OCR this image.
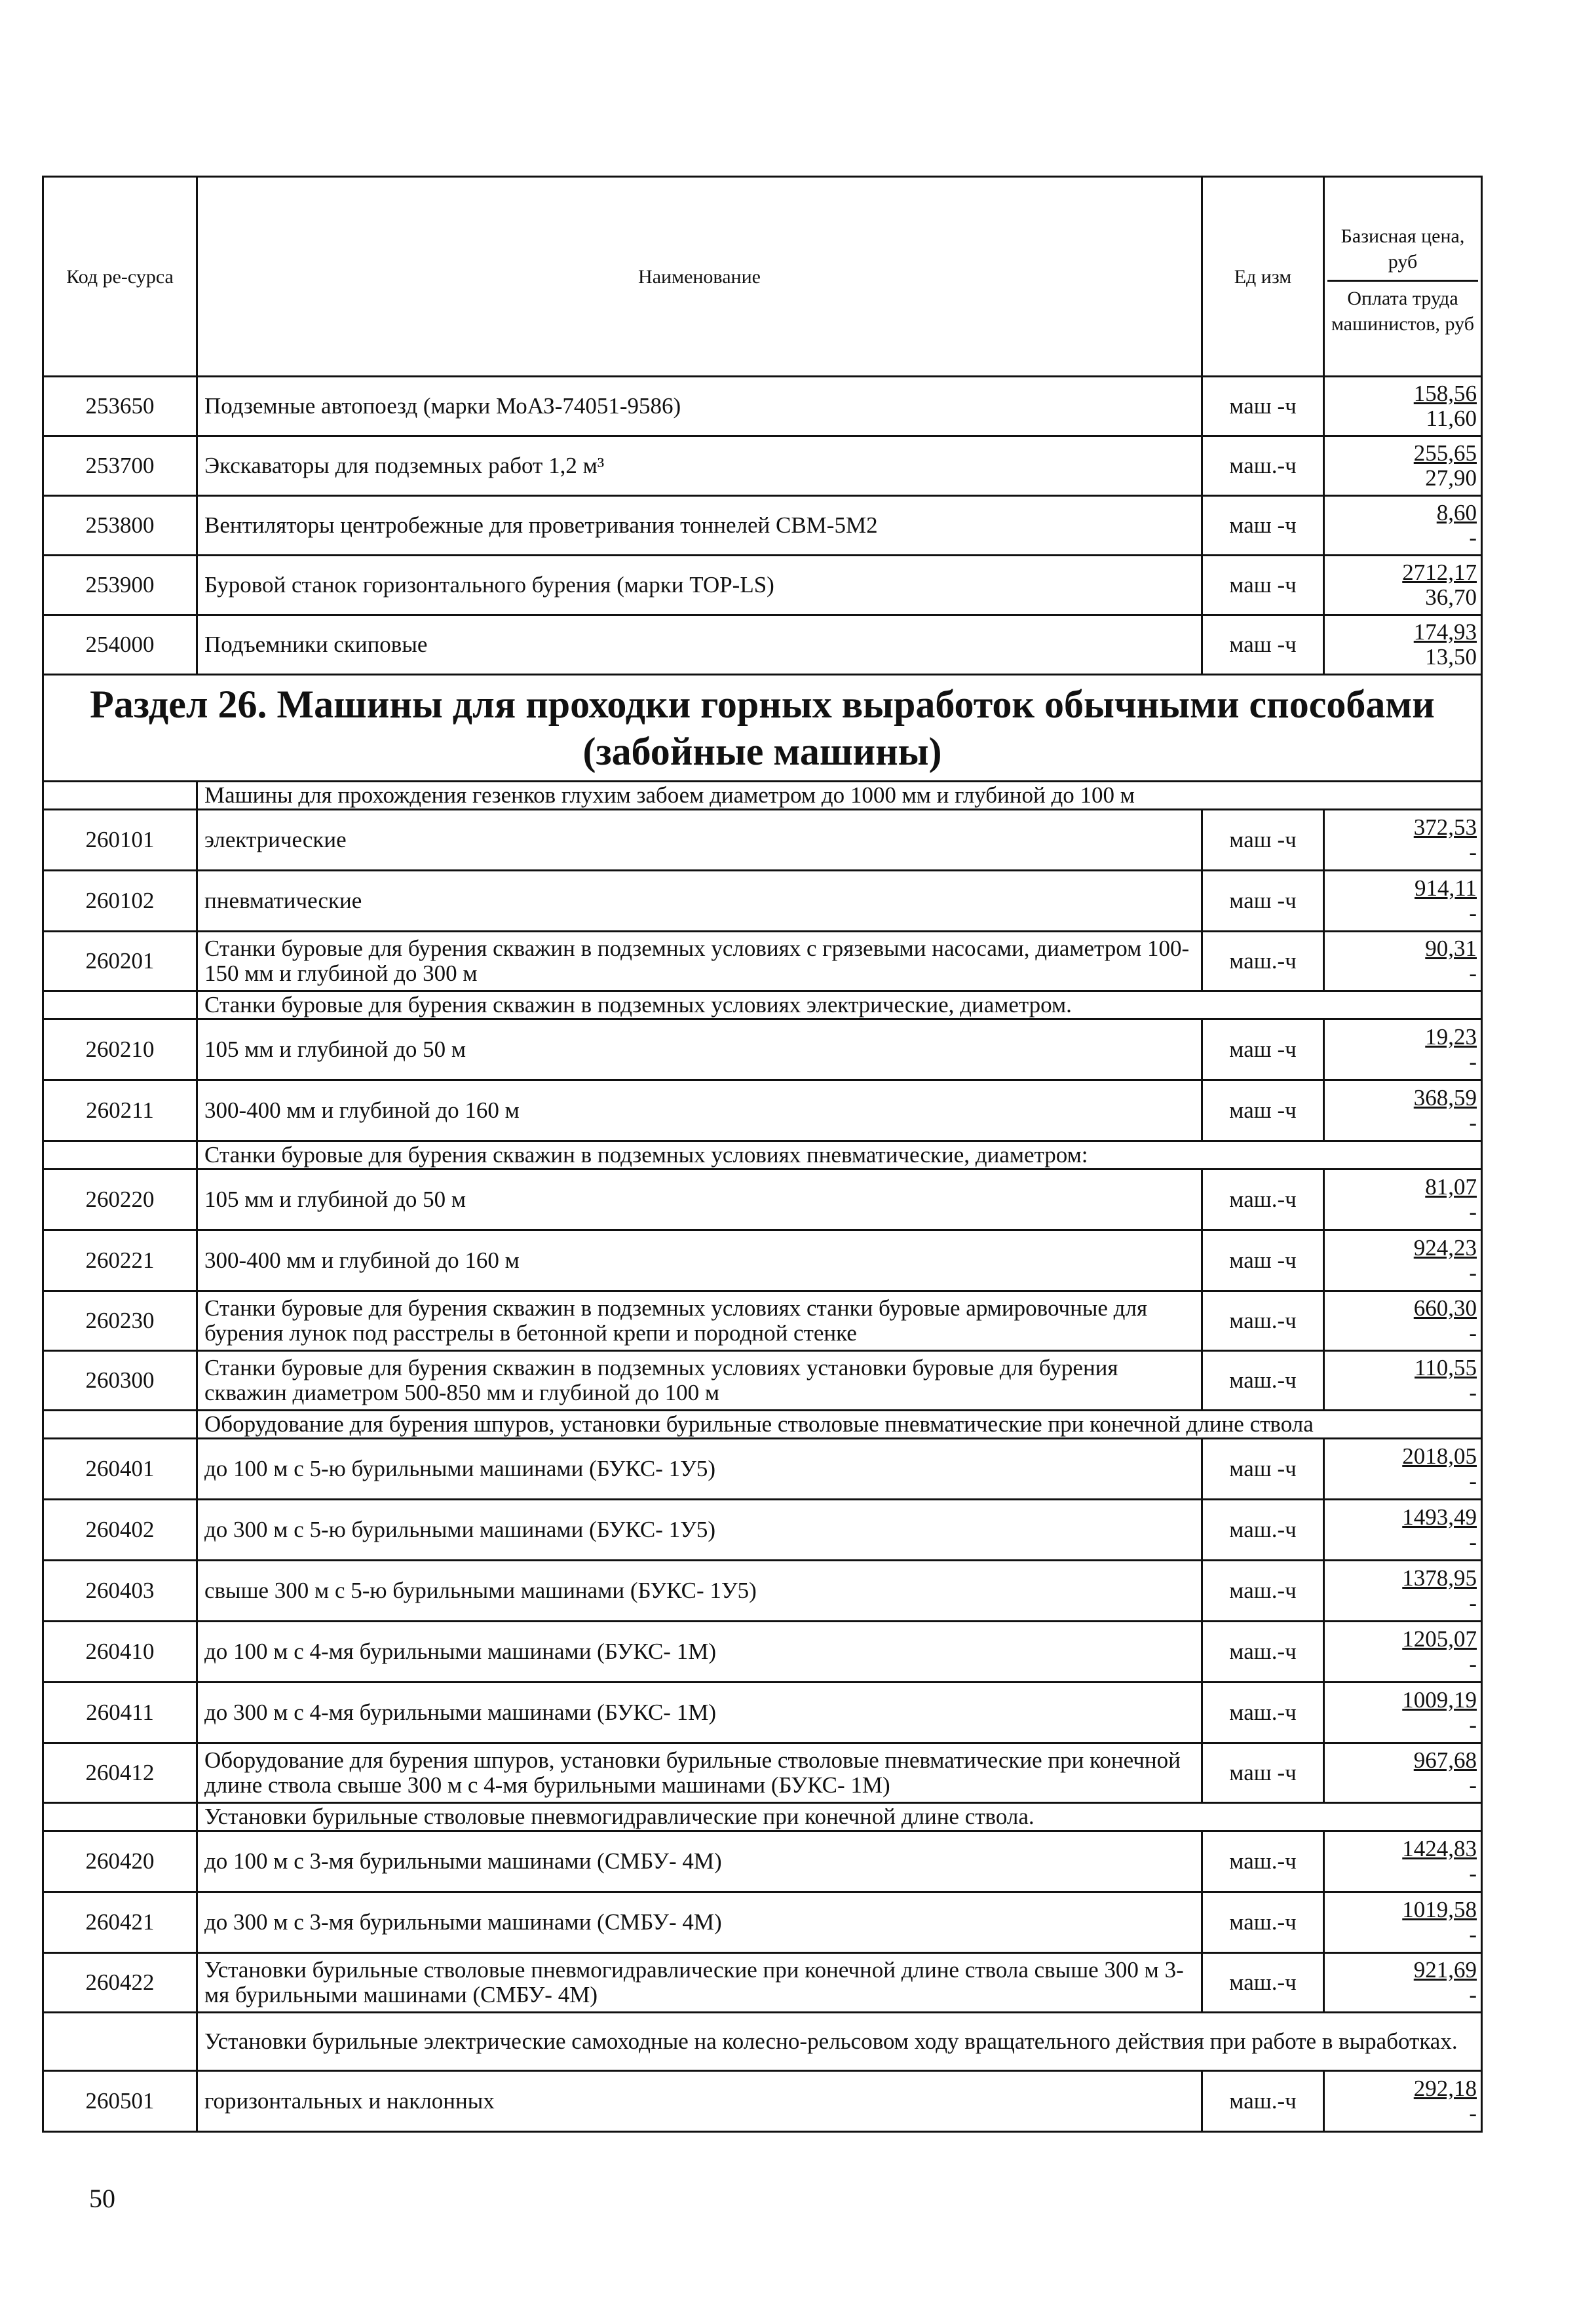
Код ре-сурса	Наименование	Ед изм	Базисная цена, руб
Оплата труда машинистов, руб

253650	Подземные автопоезд (марки МоАЗ-74051-9586)	маш -ч	158,56
11,60

253700	Экскаваторы для подземных работ 1,2 м³	маш.-ч	255,65
27,90

253800	Вентиляторы центробежные для проветривания тоннелей СВМ-5М2	маш -ч	8,60
-

253900	Буровой станок горизонтального бурения (марки TOP-LS)	маш -ч	2712,17
36,70

254000	Подъемники скиповые	маш -ч	174,93
13,50

Раздел 26. Машины для проходки горных выработок обычными способами (забойные машины)			
	Машины для прохождения гезенков глухим забоем диаметром до 1000 мм и глубиной до 100 м		
260101	электрические	маш -ч	372,53
-

260102	пневматические	маш -ч	914,11
-

260201	Станки буровые для бурения скважин в подземных условиях с грязевыми насосами, диаметром 100-150 мм и глубиной до 300 м	маш.-ч	90,31
-

	Станки буровые для бурения скважин в подземных условиях электрические, диаметром.		
260210	105 мм и глубиной до 50 м	маш -ч	19,23
-

260211	300-400 мм и глубиной до 160 м	маш -ч	368,59
-

	Станки буровые для бурения скважин в подземных условиях пневматические, диаметром:		
260220	105 мм и глубиной до 50 м	маш.-ч	81,07
-

260221	300-400 мм и глубиной до 160 м	маш -ч	924,23
-

260230	Станки буровые для бурения скважин в подземных условиях станки буровые армировочные для бурения лунок под расстрелы в бетонной крепи и породной стенке	маш.-ч	660,30
-

260300	Станки буровые для бурения скважин в подземных условиях установки буровые для бурения скважин диаметром 500-850 мм и глубиной до 100 м	маш.-ч	110,55
-

	Оборудование для бурения шпуров, установки бурильные стволовые пневматические при конечной длине ствола		
260401	до 100 м с 5-ю бурильными машинами (БУКС- 1У5)	маш -ч	2018,05
-

260402	до 300 м с 5-ю бурильными машинами (БУКС- 1У5)	маш.-ч	1493,49
-

260403	свыше 300 м с 5-ю бурильными машинами (БУКС- 1У5)	маш.-ч	1378,95
-

260410	до 100 м с 4-мя бурильными машинами (БУКС- 1М)	маш.-ч	1205,07
-

260411	до 300 м с 4-мя бурильными машинами (БУКС- 1М)	маш.-ч	1009,19
-

260412	Оборудование для бурения шпуров, установки бурильные стволовые пневматические при конечной длине ствола свыше 300 м с 4-мя бурильными машинами (БУКС- 1М)	маш -ч	967,68
-

	Установки бурильные стволовые пневмогидравлические при конечной длине ствола.		
260420	до 100 м с 3-мя бурильными машинами (СМБУ- 4М)	маш.-ч	1424,83
-

260421	до 300 м с 3-мя бурильными машинами (СМБУ- 4М)	маш.-ч	1019,58
-

260422	Установки бурильные стволовые пневмогидравлические при конечной длине ствола свыше 300 м 3-мя бурильными машинами (СМБУ- 4М)	маш.-ч	921,69
-

	Установки бурильные электрические самоходные на колесно-рельсовом ходу вращательного действия при работе в выработках.		
260501	горизонтальных и наклонных	маш.-ч	292,18
-
50
